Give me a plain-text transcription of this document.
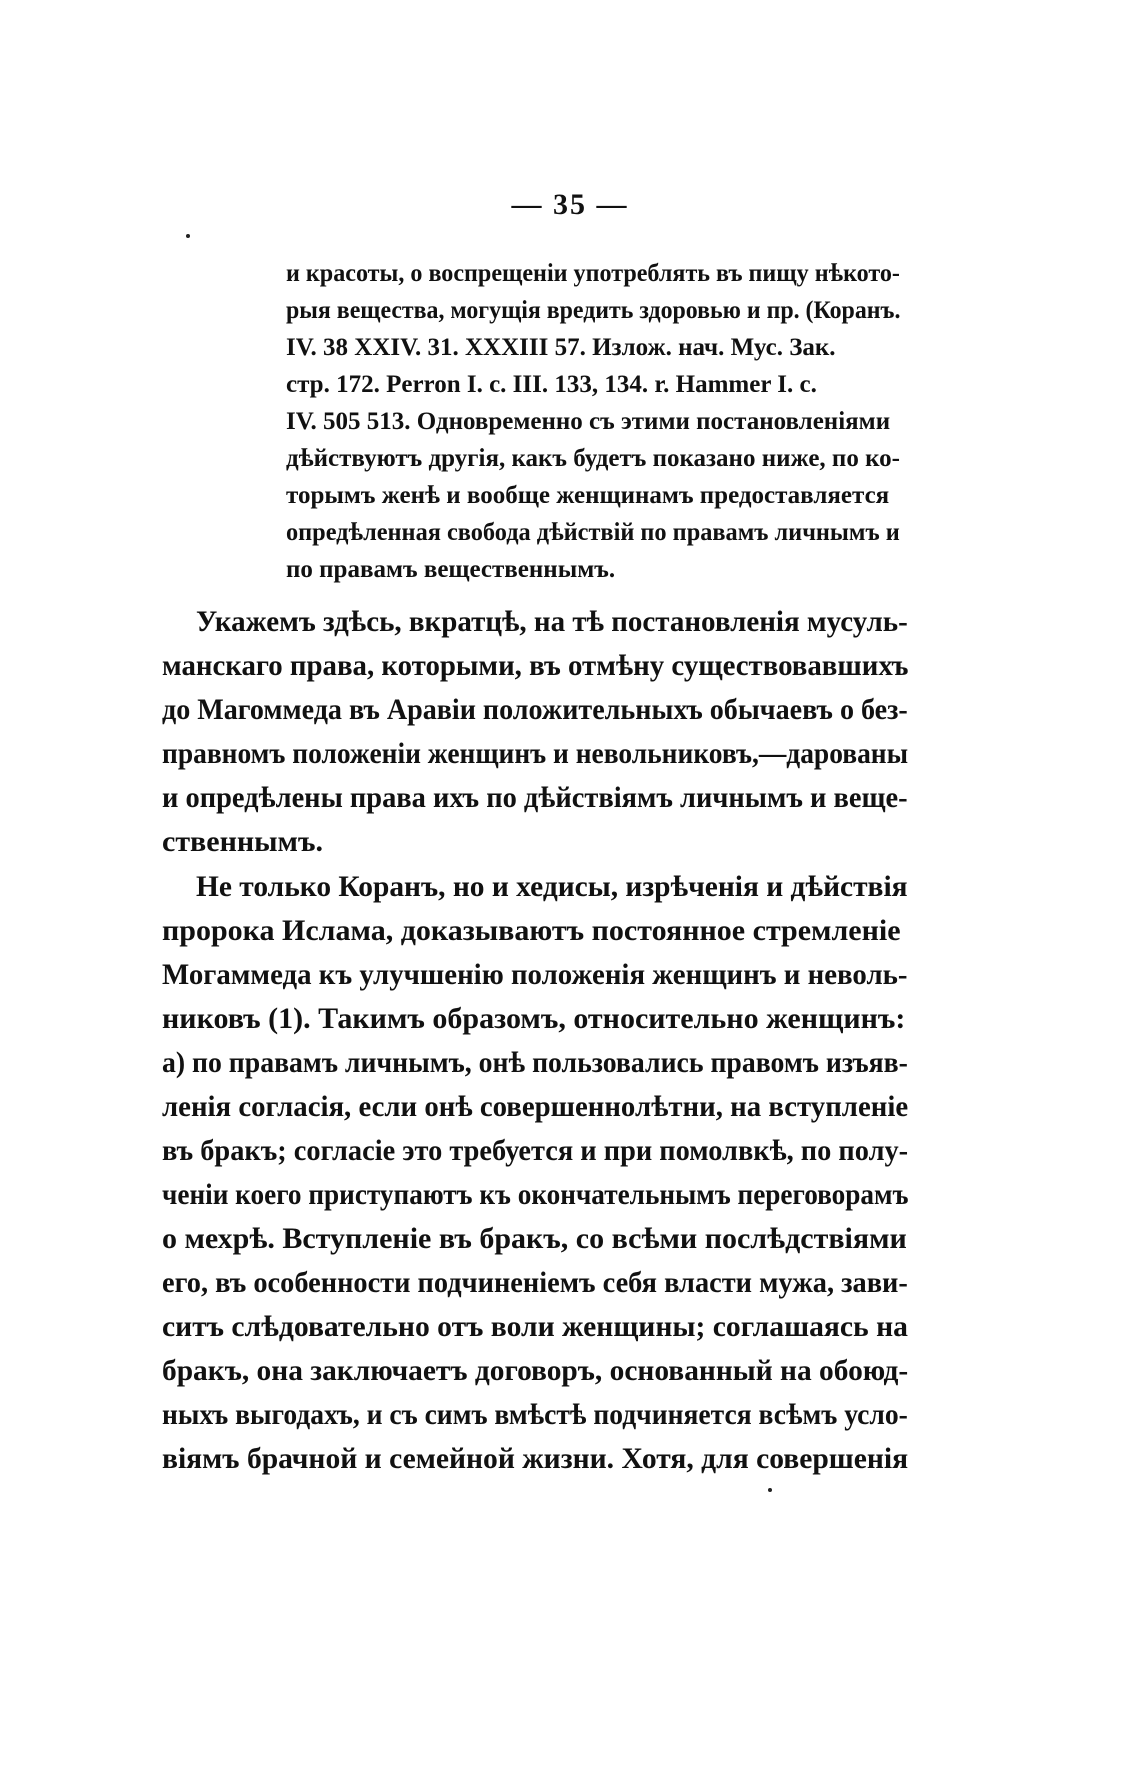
— 35 —
и красоты, о воспрещеніи употреблять въ пищу нѣкото-
рыя вещества, могущія вредить здоровью и пр. (Коранъ.
IV. 38 XXIV. 31. XXXIII 57. Излож. нач. Мус. Зак.
стр. 172. Perron I. c. III. 133, 134. r. Hammer I. c.
IV. 505 513. Одновременно съ этими постановленіями
дѣйствуютъ другія, какъ будетъ показано ниже, по ко-
торымъ женѣ и вообще женщинамъ предоставляется
опредѣленная свобода дѣйствій по правамъ личнымъ и
по правамъ вещественнымъ.
Укажемъ здѣсь, вкратцѣ, на тѣ постановленія мусуль-
манскаго права, которыми, въ отмѣну существовавшихъ
до Магоммеда въ Аравіи положительныхъ обычаевъ о без-
правномъ положеніи женщинъ и невольниковъ,—дарованы
и опредѣлены права ихъ по дѣйствіямъ личнымъ и веще-
ственнымъ.
Не только Коранъ, но и хедисы, изрѣченія и дѣйствія
пророка Ислама, доказываютъ постоянное стремленіе
Могаммеда къ улучшенію положенія женщинъ и неволь-
никовъ (1). Такимъ образомъ, относительно женщинъ:
а) по правамъ личнымъ, онѣ пользовались правомъ изъяв-
ленія согласія, если онѣ совершеннолѣтни, на вступленіе
въ бракъ; согласіе это требуется и при помолвкѣ, по полу-
ченіи коего приступаютъ къ окончательнымъ переговорамъ
о мехрѣ. Вступленіе въ бракъ, со всѣми послѣдствіями
его, въ особенности подчиненіемъ себя власти мужа, зави-
ситъ слѣдовательно отъ воли женщины; соглашаясь на
бракъ, она заключаетъ договоръ, основанный на обоюд-
ныхъ выгодахъ, и съ симъ вмѣстѣ подчиняется всѣмъ усло-
віямъ брачной и семейной жизни. Хотя, для совершенія
